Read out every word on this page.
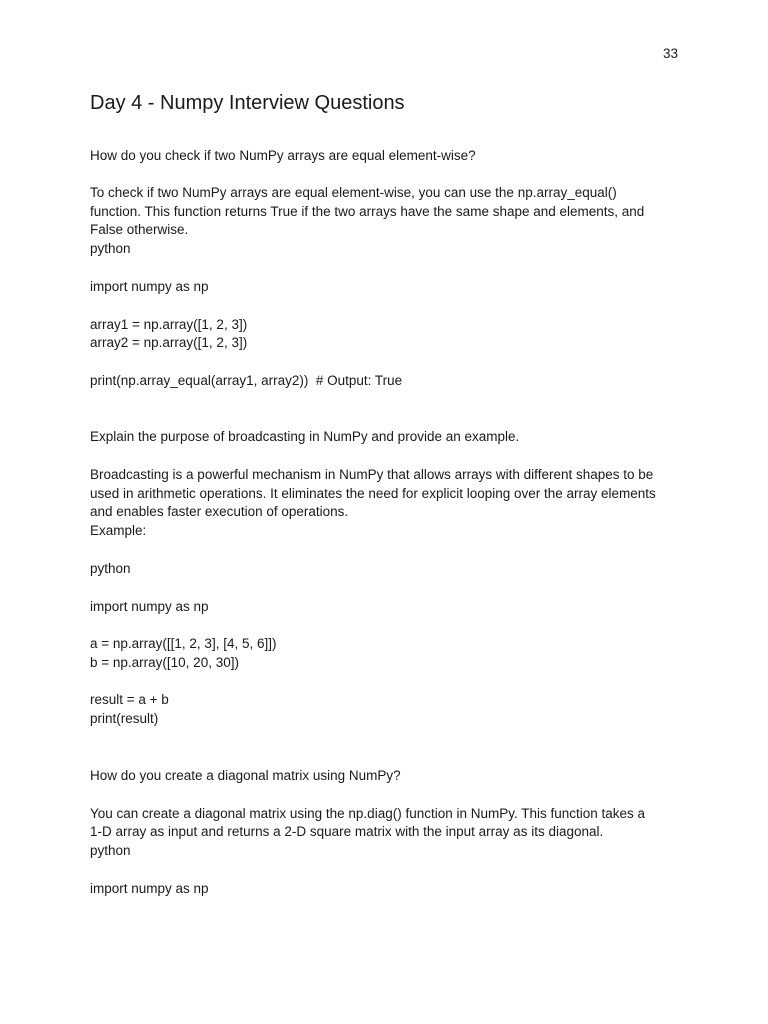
33
Day 4 - Numpy Interview Questions
How do you check if two NumPy arrays are equal element-wise?
To check if two NumPy arrays are equal element-wise, you can use the np.array_equal()
function. This function returns True if the two arrays have the same shape and elements, and
False otherwise.
python
import numpy as np
array1 = np.array([1, 2, 3])
array2 = np.array([1, 2, 3])
print(np.array_equal(array1, array2))  # Output: True
Explain the purpose of broadcasting in NumPy and provide an example.
Broadcasting is a powerful mechanism in NumPy that allows arrays with different shapes to be
used in arithmetic operations. It eliminates the need for explicit looping over the array elements
and enables faster execution of operations.
Example:
python
import numpy as np
a = np.array([[1, 2, 3], [4, 5, 6]])
b = np.array([10, 20, 30])
result = a + b
print(result)
How do you create a diagonal matrix using NumPy?
You can create a diagonal matrix using the np.diag() function in NumPy. This function takes a
1-D array as input and returns a 2-D square matrix with the input array as its diagonal.
python
import numpy as np
